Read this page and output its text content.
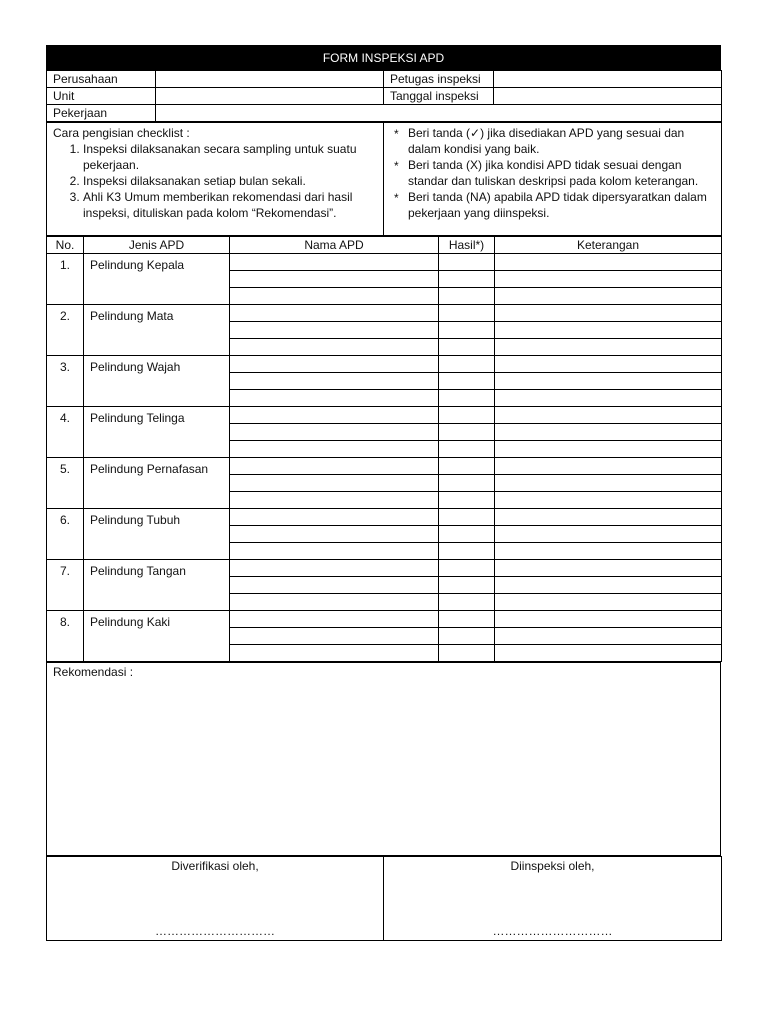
FORM INSPEKSI APD
Perusahaan		Petugas inspeksi	
Unit		Tanggal inspeksi	
Pekerjaan			
Cara pengisian checklist :
1. Inspeksi dilaksanakan secara sampling untuk suatu pekerjaan.
2. Inspeksi dilaksanakan setiap bulan sekali.
3. Ahli K3 Umum memberikan rekomendasi dari hasil inspeksi, dituliskan pada kolom “Rekomendasi”.

* Beri tanda (✓) jika disediakan APD yang sesuai dan dalam kondisi yang baik.
* Beri tanda (X) jika kondisi APD tidak sesuai dengan standar dan tuliskan deskripsi pada kolom keterangan.
* Beri tanda (NA) apabila APD tidak dipersyaratkan dalam pekerjaan yang diinspeksi.
No.	Jenis APD	Nama APD	Hasil*)	Keterangan
1.	Pelindung Kepala			

2.	Pelindung Mata			

3.	Pelindung Wajah			

4.	Pelindung Telinga			

5.	Pelindung Pernafasan			

6.	Pelindung Tubuh			

7.	Pelindung Tangan			

8.	Pelindung Kaki			

Rekomendasi :
Diverifikasi oleh,
…………………………

Diinspeksi oleh,
…………………………
